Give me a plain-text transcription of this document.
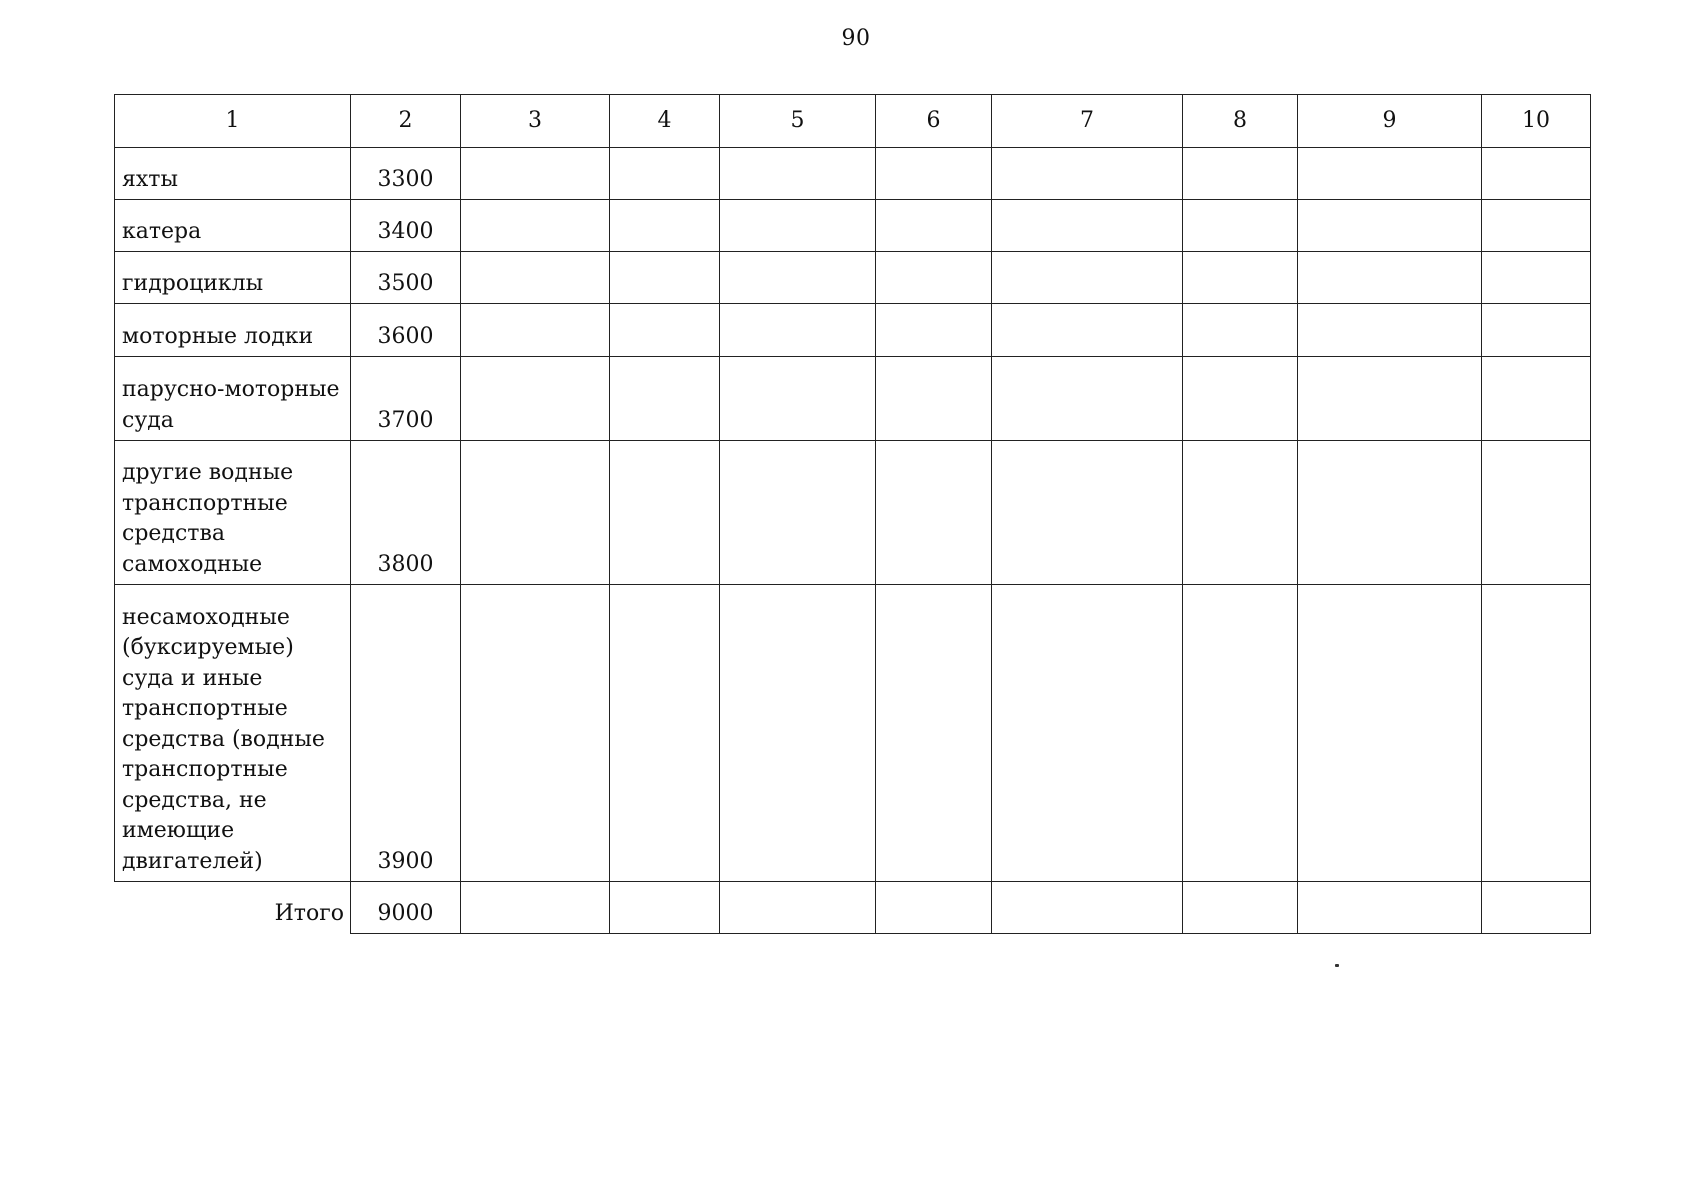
90
1	2	3	4	5	6	7	8	9	10
яхты	3300								
катера	3400								
гидроциклы	3500								
моторные лодки	3600								
парусно-моторные суда	3700								
другие водные транспортные средства самоходные	3800								
несамоходные (буксируемые) суда и иные транспортные средства (водные транспортные средства, не имеющие двигателей)	3900								
Итого	9000								
